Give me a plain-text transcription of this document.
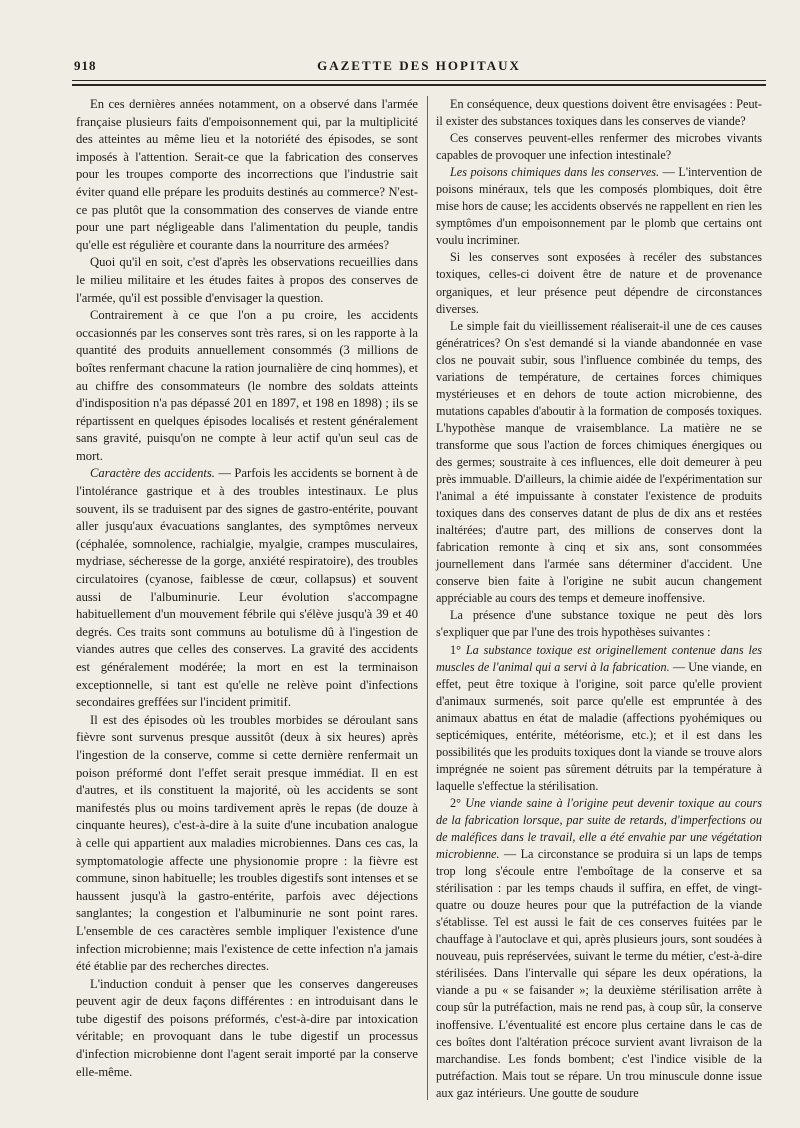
918	GAZETTE DES HOPITAUX

En ces dernières années notamment, on a observé dans l'armée française plusieurs faits d'empoisonnement qui, par la multiplicité des atteintes au même lieu et la notoriété des épisodes, se sont imposés à l'attention. Serait-ce que la fabrication des conserves pour les troupes comporte des incorrections que l'industrie sait éviter quand elle prépare les produits destinés au commerce? N'est-ce pas plutôt que la consommation des conserves de viande entre pour une part négligeable dans l'alimentation du peuple, tandis qu'elle est régulière et courante dans la nourriture des armées?

Quoi qu'il en soit, c'est d'après les observations recueillies dans le milieu militaire et les études faites à propos des conserves de l'armée, qu'il est possible d'envisager la question.

Contrairement à ce que l'on a pu croire, les accidents occasionnés par les conserves sont très rares, si on les rapporte à la quantité des produits annuellement consommés (3 millions de boîtes renfermant chacune la ration journalière de cinq hommes), et au chiffre des consommateurs (le nombre des soldats atteints d'indisposition n'a pas dépassé 201 en 1897, et 198 en 1898) ; ils se répartissent en quelques épisodes localisés et restent généralement sans gravité, puisqu'on ne compte à leur actif qu'un seul cas de mort.

Caractère des accidents. — Parfois les accidents se bornent à de l'intolérance gastrique et à des troubles intestinaux. Le plus souvent, ils se traduisent par des signes de gastro-entérite, pouvant aller jusqu'aux évacuations sanglantes, des symptômes nerveux (céphalée, somnolence, rachialgie, myalgie, crampes musculaires, mydriase, sécheresse de la gorge, anxiété respiratoire), des troubles circulatoires (cyanose, faiblesse de cœur, collapsus) et souvent aussi de l'albuminurie. Leur évolution s'accompagne habituellement d'un mouvement fébrile qui s'élève jusqu'à 39 et 40 degrés. Ces traits sont communs au botulisme dû à l'ingestion de viandes autres que celles des conserves. La gravité des accidents est généralement modérée; la mort en est la terminaison exceptionnelle, si tant est qu'elle ne relève point d'infections secondaires greffées sur l'incident primitif.

Il est des épisodes où les troubles morbides se déroulant sans fièvre sont survenus presque aussitôt (deux à six heures) après l'ingestion de la conserve, comme si cette dernière renfermait un poison préformé dont l'effet serait presque immédiat. Il en est d'autres, et ils constituent la majorité, où les accidents se sont manifestés plus ou moins tardivement après le repas (de douze à cinquante heures), c'est-à-dire à la suite d'une incubation analogue à celle qui appartient aux maladies microbiennes. Dans ces cas, la symptomatologie affecte une physionomie propre : la fièvre est commune, sinon habituelle; les troubles digestifs sont intenses et se haussent jusqu'à la gastro-entérite, parfois avec déjections sanglantes; la congestion et l'albuminurie ne sont point rares. L'ensemble de ces caractères semble impliquer l'existence d'une infection microbienne; mais l'existence de cette infection n'a jamais été établie par des recherches directes.

L'induction conduit à penser que les conserves dangereuses peuvent agir de deux façons différentes : en introduisant dans le tube digestif des poisons préformés, c'est-à-dire par intoxication véritable; en provoquant dans le tube digestif un processus d'infection microbienne dont l'agent serait importé par la conserve elle-même.

En conséquence, deux questions doivent être envisagées : Peut-il exister des substances toxiques dans les conserves de viande?

Ces conserves peuvent-elles renfermer des microbes vivants capables de provoquer une infection intestinale?

Les poisons chimiques dans les conserves. — L'intervention de poisons minéraux, tels que les composés plombiques, doit être mise hors de cause; les accidents observés ne rappellent en rien les symptômes d'un empoisonnement par le plomb que certains ont voulu incriminer.

Si les conserves sont exposées à recéler des substances toxiques, celles-ci doivent être de nature et de provenance organiques, et leur présence peut dépendre de circonstances diverses.

Le simple fait du vieillissement réaliserait-il une de ces causes génératrices? On s'est demandé si la viande abandonnée en vase clos ne pouvait subir, sous l'influence combinée du temps, des variations de température, de certaines forces chimiques mystérieuses et en dehors de toute action microbienne, des mutations capables d'aboutir à la formation de composés toxiques. L'hypothèse manque de vraisemblance. La matière ne se transforme que sous l'action de forces chimiques énergiques ou des germes; soustraite à ces influences, elle doit demeurer à peu près immuable. D'ailleurs, la chimie aidée de l'expérimentation sur l'animal a été impuissante à constater l'existence de produits toxiques dans des conserves datant de plus de dix ans et restées inaltérées; d'autre part, des millions de conserves dont la fabrication remonte à cinq et six ans, sont consommées journellement dans l'armée sans déterminer d'accident. Une conserve bien faite à l'origine ne subit aucun changement appréciable au cours des temps et demeure inoffensive.

La présence d'une substance toxique ne peut dès lors s'expliquer que par l'une des trois hypothèses suivantes :

1° La substance toxique est originellement contenue dans les muscles de l'animal qui a servi à la fabrication. — Une viande, en effet, peut être toxique à l'origine, soit parce qu'elle provient d'animaux surmenés, soit parce qu'elle est empruntée à des animaux abattus en état de maladie (affections pyohémiques ou septicémiques, entérite, météorisme, etc.); et il est dans les possibilités que les produits toxiques dont la viande se trouve alors imprégnée ne soient pas sûrement détruits par la température à laquelle s'effectue la stérilisation.

2° Une viande saine à l'origine peut devenir toxique au cours de la fabrication lorsque, par suite de retards, d'imperfections ou de maléfices dans le travail, elle a été envahie par une végétation microbienne. — La circonstance se produira si un laps de temps trop long s'écoule entre l'emboîtage de la conserve et sa stérilisation : par les temps chauds il suffira, en effet, de vingt-quatre ou douze heures pour que la putréfaction de la viande s'établisse. Tel est aussi le fait de ces conserves fuitées par le chauffage à l'autoclave et qui, après plusieurs jours, sont soudées à nouveau, puis représervées, suivant le terme du métier, c'est-à-dire stérilisées. Dans l'intervalle qui sépare les deux opérations, la viande a pu « se faisander »; la deuxième stérilisation arrête à coup sûr la putréfaction, mais ne rend pas, à coup sûr, la conserve inoffensive. L'éventualité est encore plus certaine dans le cas de ces boîtes dont l'altération précoce survient avant livraison de la marchandise. Les fonds bombent; c'est l'indice visible de la putréfaction. Mais tout se répare. Un trou minuscule donne issue aux gaz intérieurs. Une goutte de soudure
